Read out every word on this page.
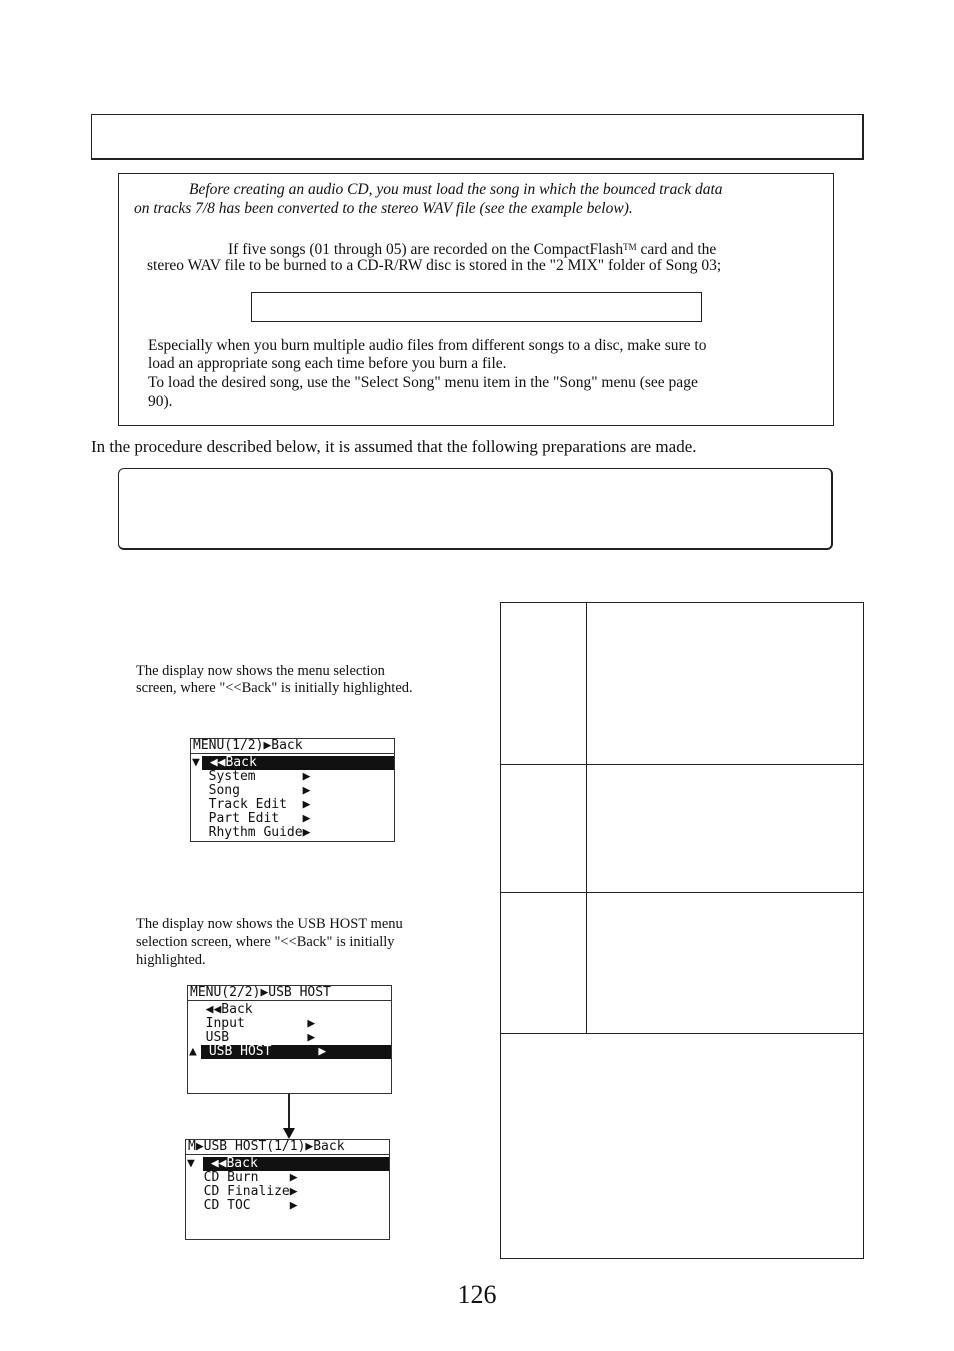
Before creating an audio CD, you must load the song in which the bounced track data
on tracks 7/8 has been converted to the stereo WAV file (see the example below).
If five songs (01 through 05) are recorded on the CompactFlash™ card and the
stereo WAV file to be burned to a CD-R/RW disc is stored in the "2 MIX" folder of Song 03;
Especially when you burn multiple audio files from different songs to a disc, make sure to
load an appropriate song each time before you burn a file.
To load the desired song, use the "Select Song" menu item in the "Song" menu (see page
90).
In the procedure described below, it is assumed that the following preparations are made.
The display now shows the menu selection
screen, where "<<Back" is initially highlighted.
MENU(1/2)▶Back

▼

◀◀Back

System      ▶
Song        ▶
Track Edit  ▶
Part Edit   ▶
Rhythm Guide▶
The display now shows the USB HOST menu
selection screen, where "<<Back" is initially
highlighted.
MENU(2/2)▶USB HOST
◀◀Back
Input        ▶
USB          ▶

▲

USB HOST      ▶

M▶USB HOST(1/1)▶Back

▼

◀◀Back

CD Burn    ▶
CD Finalize▶
CD TOC     ▶
126
